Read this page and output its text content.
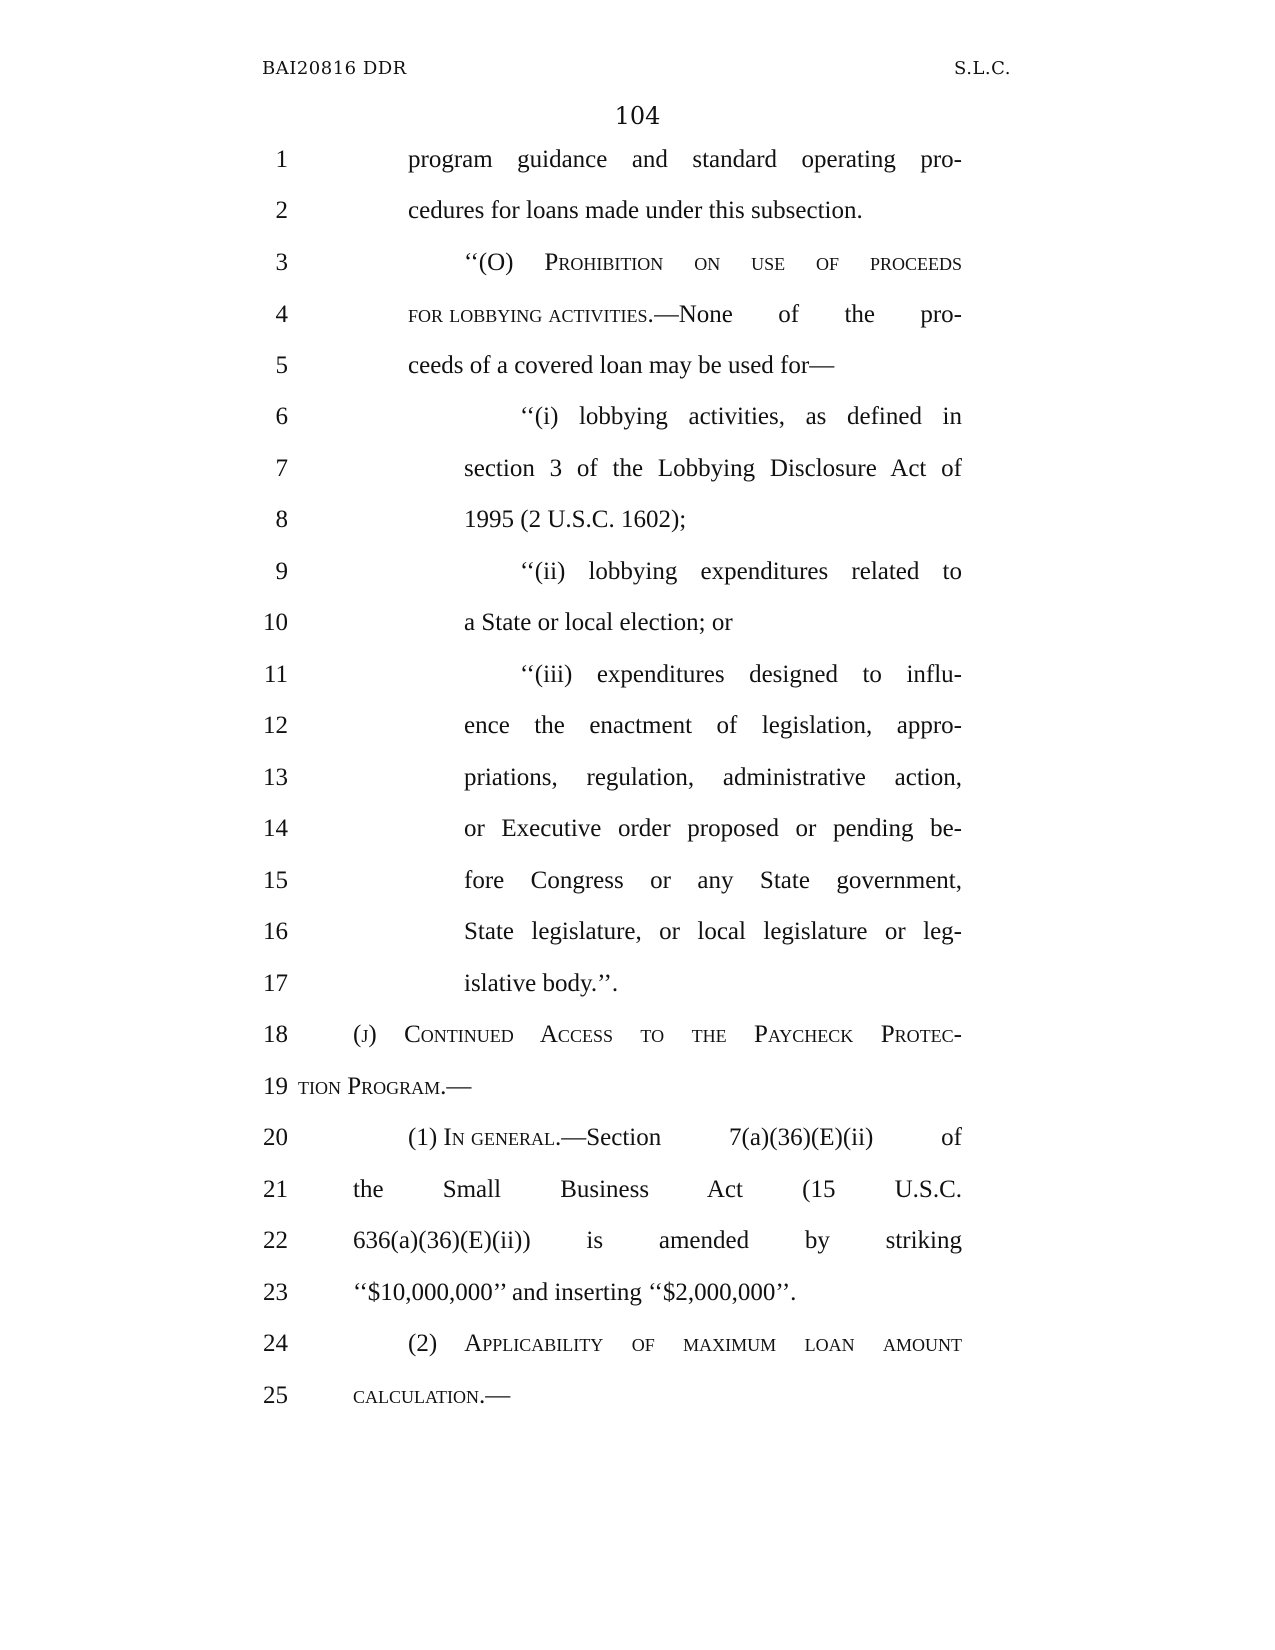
BAI20816 DDR	S.L.C.
104
1	program guidance and standard operating pro-
2	cedures for loans made under this subsection.
3	‘‘(O) Prohibition on use of proceeds
4	for lobbying activities. —None of the pro-
5	ceeds of a covered loan may be used for—
6	‘‘(i) lobbying activities, as defined in
7	section 3 of the Lobbying Disclosure Act of
8	1995 (2 U.S.C. 1602);
9	‘‘(ii) lobbying expenditures related to
10	a State or local election; or
11	‘‘(iii) expenditures designed to influ-
12	ence the enactment of legislation, appro-
13	priations, regulation, administrative action,
14	or Executive order proposed or pending be-
15	fore Congress or any State government,
16	State legislature, or local legislature or leg-
17	islative body.’’.
18	(j) Continued Access to the Paycheck Protec-
19 tion Program.—
20	(1) In general. —Section 7(a)(36)(E)(ii) of
21	the Small Business Act (15 U.S.C.
22	636(a)(36)(E)(ii)) is amended by striking
23	‘‘$10,000,000’’ and inserting ‘‘$2,000,000’’.
24	(2) Applicability of maximum loan amount
25	calculation.—
